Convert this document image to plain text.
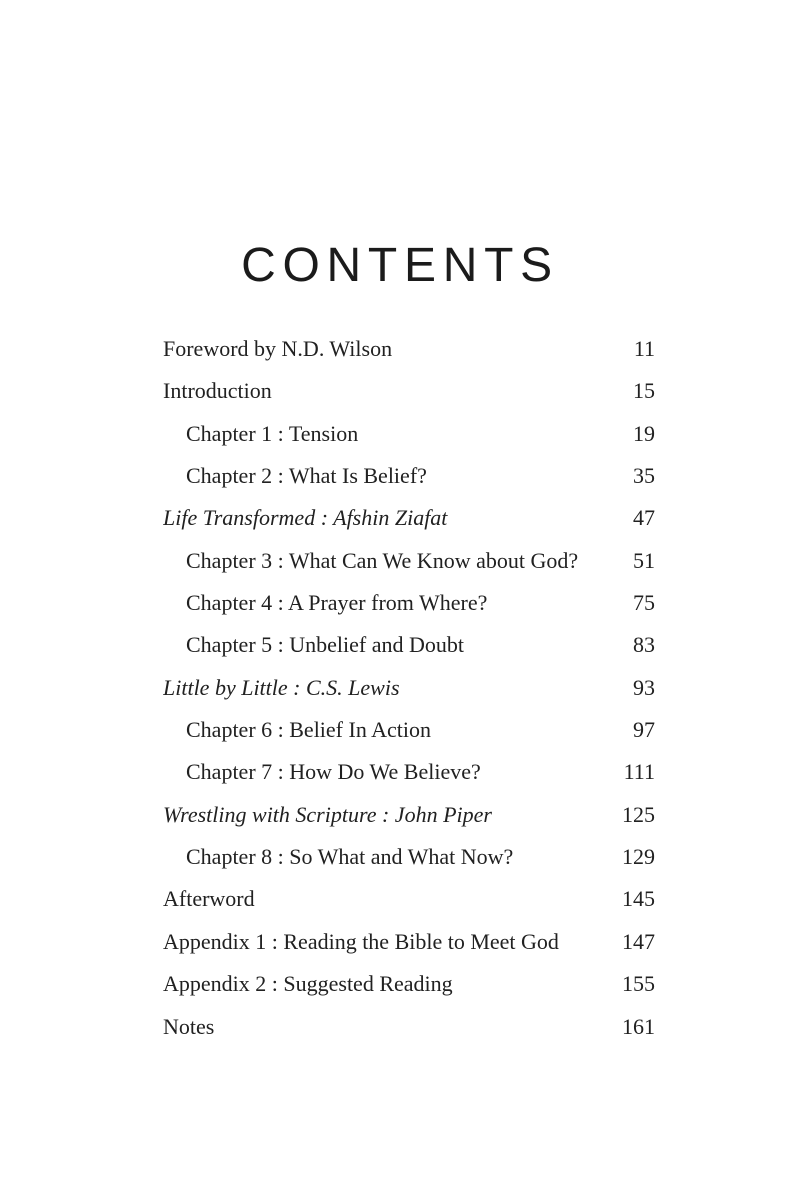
CONTENTS
Foreword by N.D. Wilson	11
Introduction	15
Chapter 1 : Tension	19
Chapter 2 : What Is Belief?	35
Life Transformed : Afshin Ziafat	47
Chapter 3 : What Can We Know about God?	51
Chapter 4 : A Prayer from Where?	75
Chapter 5 : Unbelief and Doubt	83
Little by Little : C.S. Lewis	93
Chapter 6 : Belief In Action	97
Chapter 7 : How Do We Believe?	111
Wrestling with Scripture : John Piper	125
Chapter 8 : So What and What Now?	129
Afterword	145
Appendix 1 : Reading the Bible to Meet God	147
Appendix 2 : Suggested Reading	155
Notes	161
